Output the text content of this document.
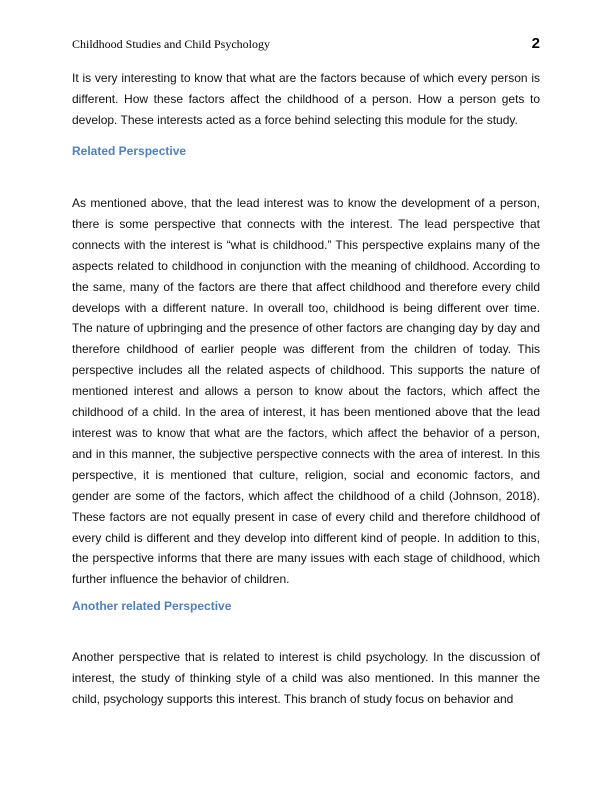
Childhood Studies and Child Psychology	2

It is very interesting to know that what are the factors because of which every person is different. How these factors affect the childhood of a person. How a person gets to develop. These interests acted as a force behind selecting this module for the study.

Related Perspective

As mentioned above, that the lead interest was to know the development of a person, there is some perspective that connects with the interest. The lead perspective that connects with the interest is “what is childhood.” This perspective explains many of the aspects related to childhood in conjunction with the meaning of childhood. According to the same, many of the factors are there that affect childhood and therefore every child develops with a different nature. In overall too, childhood is being different over time. The nature of upbringing and the presence of other factors are changing day by day and therefore childhood of earlier people was different from the children of today. This perspective includes all the related aspects of childhood. This supports the nature of mentioned interest and allows a person to know about the factors, which affect the childhood of a child. In the area of interest, it has been mentioned above that the lead interest was to know that what are the factors, which affect the behavior of a person, and in this manner, the subjective perspective connects with the area of interest. In this perspective, it is mentioned that culture, religion, social and economic factors, and gender are some of the factors, which affect the childhood of a child (Johnson, 2018). These factors are not equally present in case of every child and therefore childhood of every child is different and they develop into different kind of people. In addition to this, the perspective informs that there are many issues with each stage of childhood, which further influence the behavior of children.

Another related Perspective

Another perspective that is related to interest is child psychology. In the discussion of interest, the study of thinking style of a child was also mentioned. In this manner the child, psychology supports this interest. This branch of study focus on behavior and
